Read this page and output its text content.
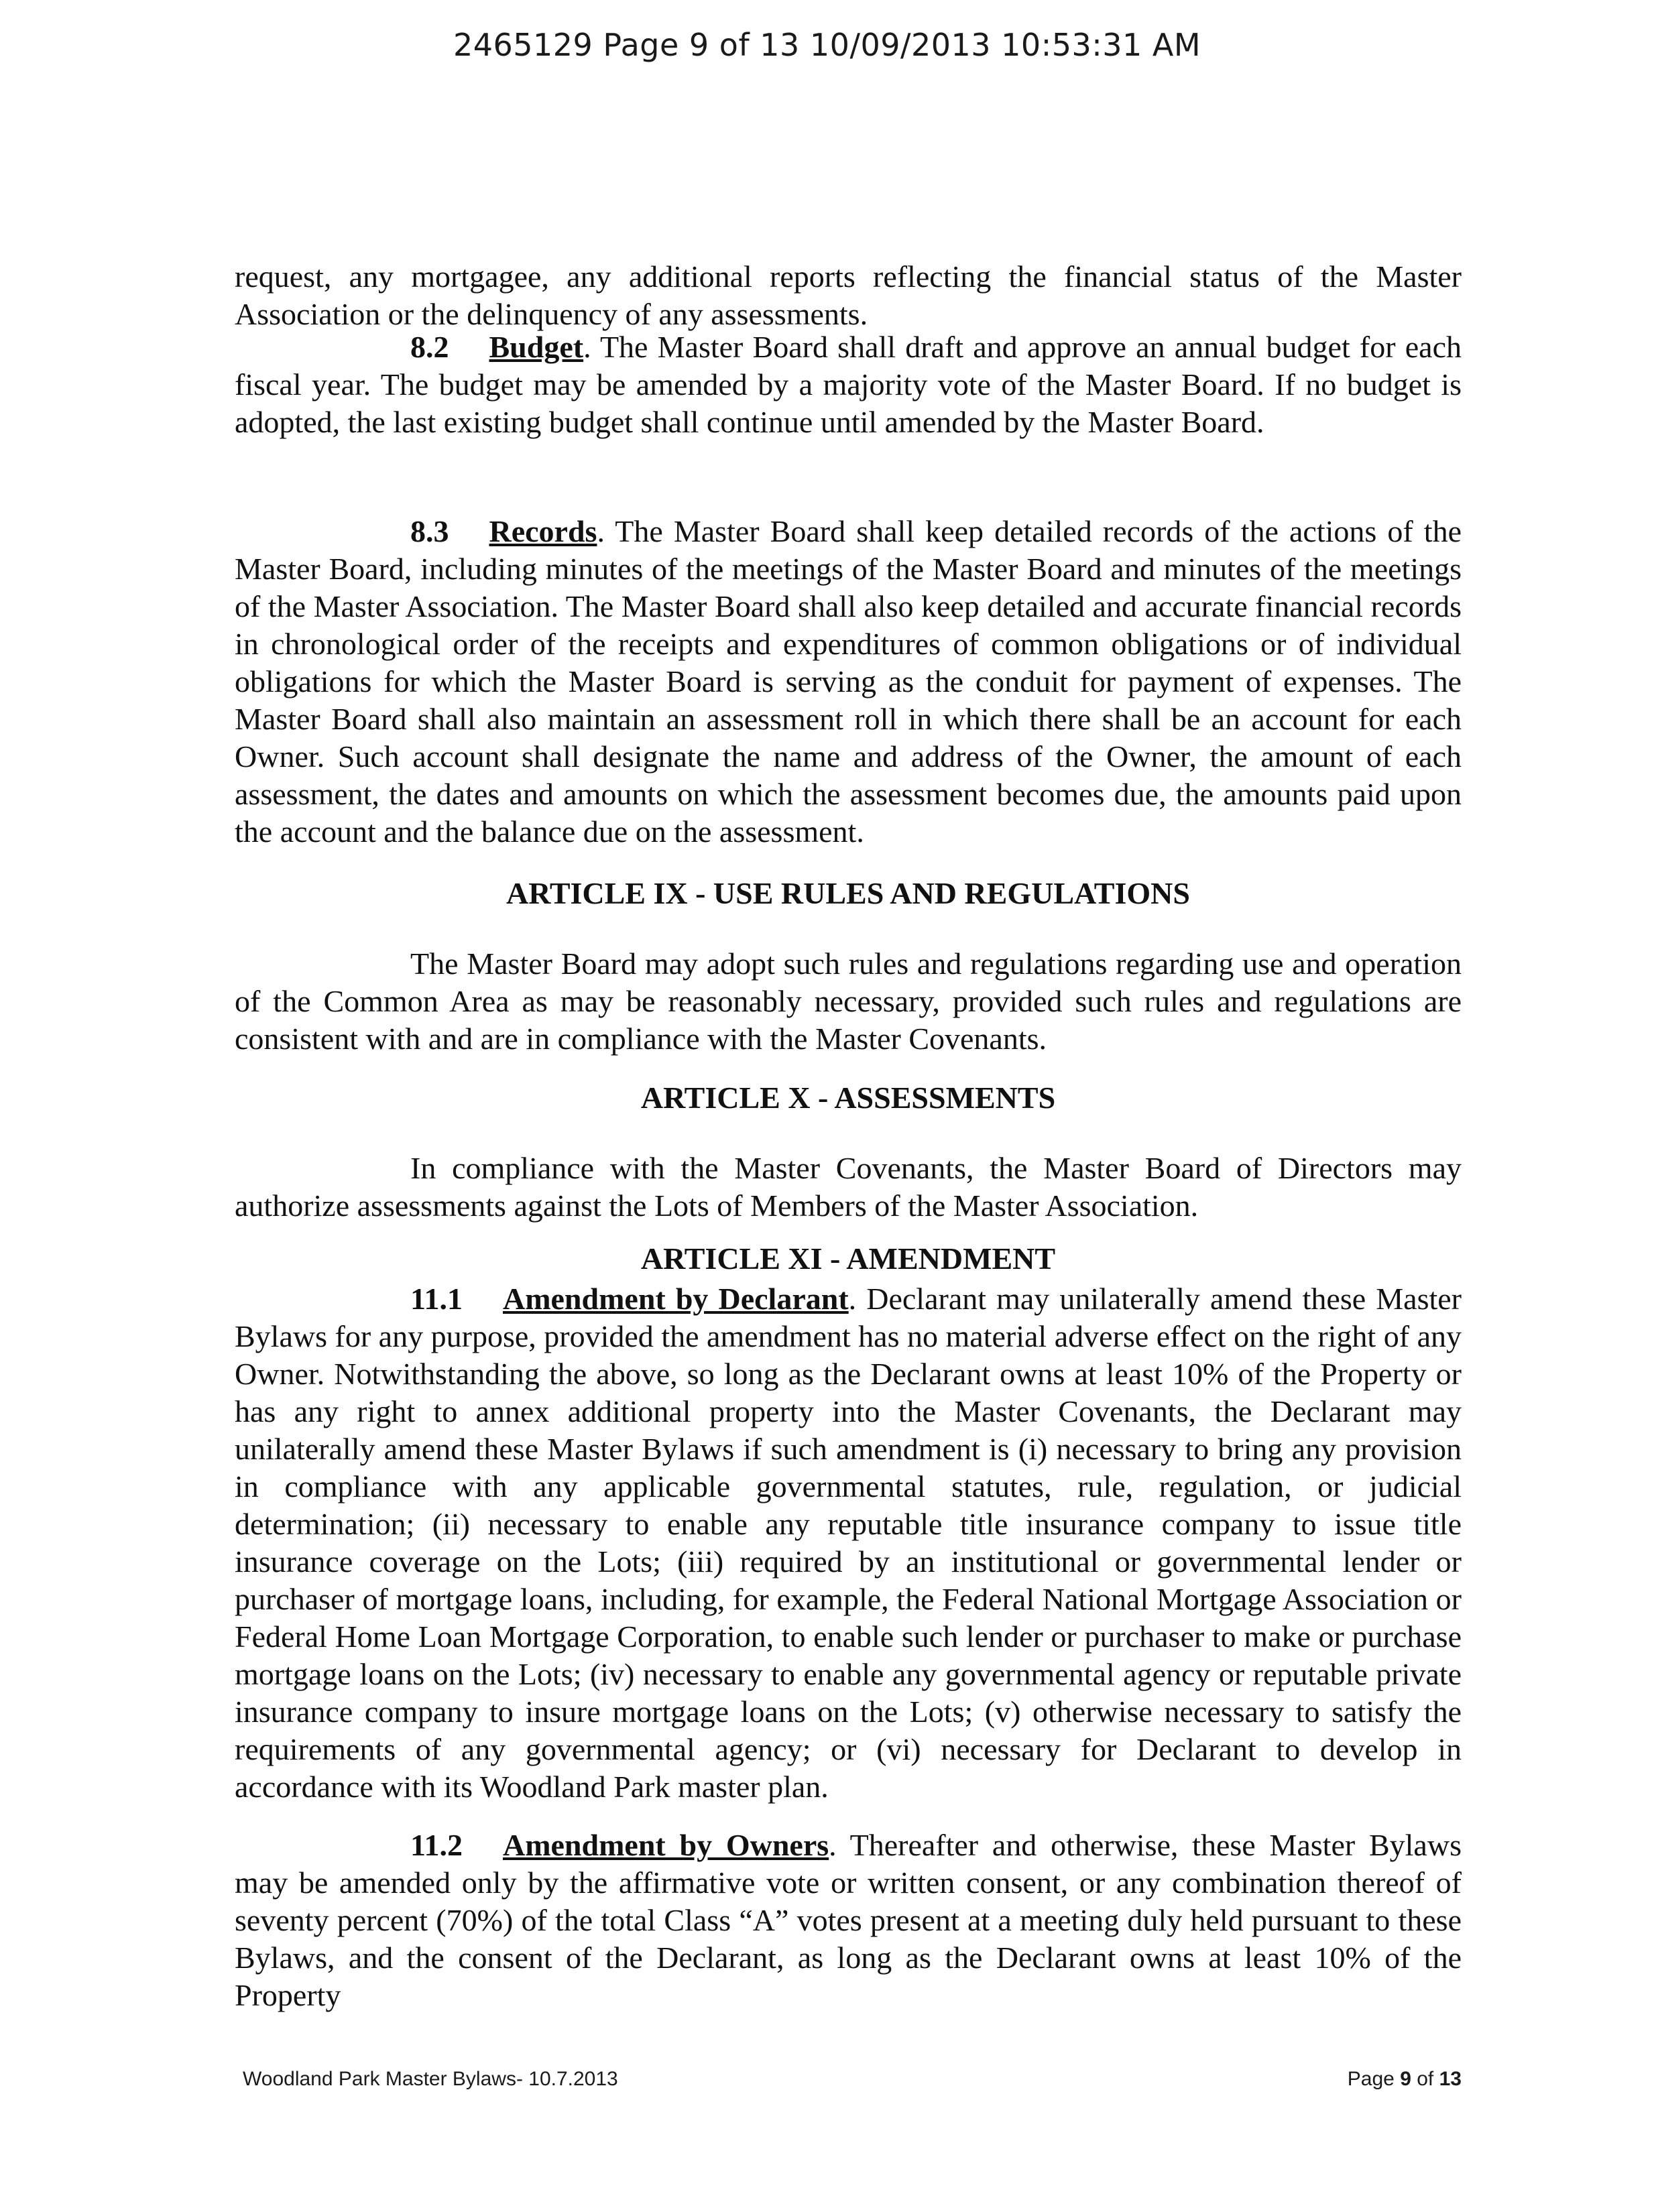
2465129 Page 9 of 13 10/09/2013 10:53:31 AM

request, any mortgagee, any additional reports reflecting the financial status of the Master Association or the delinquency of any assessments.

8.2 Budget. The Master Board shall draft and approve an annual budget for each fiscal year. The budget may be amended by a majority vote of the Master Board. If no budget is adopted, the last existing budget shall continue until amended by the Master Board.

8.3 Records. The Master Board shall keep detailed records of the actions of the Master Board, including minutes of the meetings of the Master Board and minutes of the meetings of the Master Association. The Master Board shall also keep detailed and accurate financial records in chronological order of the receipts and expenditures of common obligations or of individual obligations for which the Master Board is serving as the conduit for payment of expenses. The Master Board shall also maintain an assessment roll in which there shall be an account for each Owner. Such account shall designate the name and address of the Owner, the amount of each assessment, the dates and amounts on which the assessment becomes due, the amounts paid upon the account and the balance due on the assessment.

ARTICLE IX - USE RULES AND REGULATIONS

The Master Board may adopt such rules and regulations regarding use and operation of the Common Area as may be reasonably necessary, provided such rules and regulations are consistent with and are in compliance with the Master Covenants.

ARTICLE X - ASSESSMENTS

In compliance with the Master Covenants, the Master Board of Directors may authorize assessments against the Lots of Members of the Master Association.

ARTICLE XI - AMENDMENT

11.1 Amendment by Declarant. Declarant may unilaterally amend these Master Bylaws for any purpose, provided the amendment has no material adverse effect on the right of any Owner. Notwithstanding the above, so long as the Declarant owns at least 10% of the Property or has any right to annex additional property into the Master Covenants, the Declarant may unilaterally amend these Master Bylaws if such amendment is (i) necessary to bring any provision in compliance with any applicable governmental statutes, rule, regulation, or judicial determination; (ii) necessary to enable any reputable title insurance company to issue title insurance coverage on the Lots; (iii) required by an institutional or governmental lender or purchaser of mortgage loans, including, for example, the Federal National Mortgage Association or Federal Home Loan Mortgage Corporation, to enable such lender or purchaser to make or purchase mortgage loans on the Lots; (iv) necessary to enable any governmental agency or reputable private insurance company to insure mortgage loans on the Lots; (v) otherwise necessary to satisfy the requirements of any governmental agency; or (vi) necessary for Declarant to develop in accordance with its Woodland Park master plan.

11.2 Amendment by Owners. Thereafter and otherwise, these Master Bylaws may be amended only by the affirmative vote or written consent, or any combination thereof of seventy percent (70%) of the total Class “A” votes present at a meeting duly held pursuant to these Bylaws, and the consent of the Declarant, as long as the Declarant owns at least 10% of the Property

Woodland Park Master Bylaws- 10.7.2013	Page 9 of 13
